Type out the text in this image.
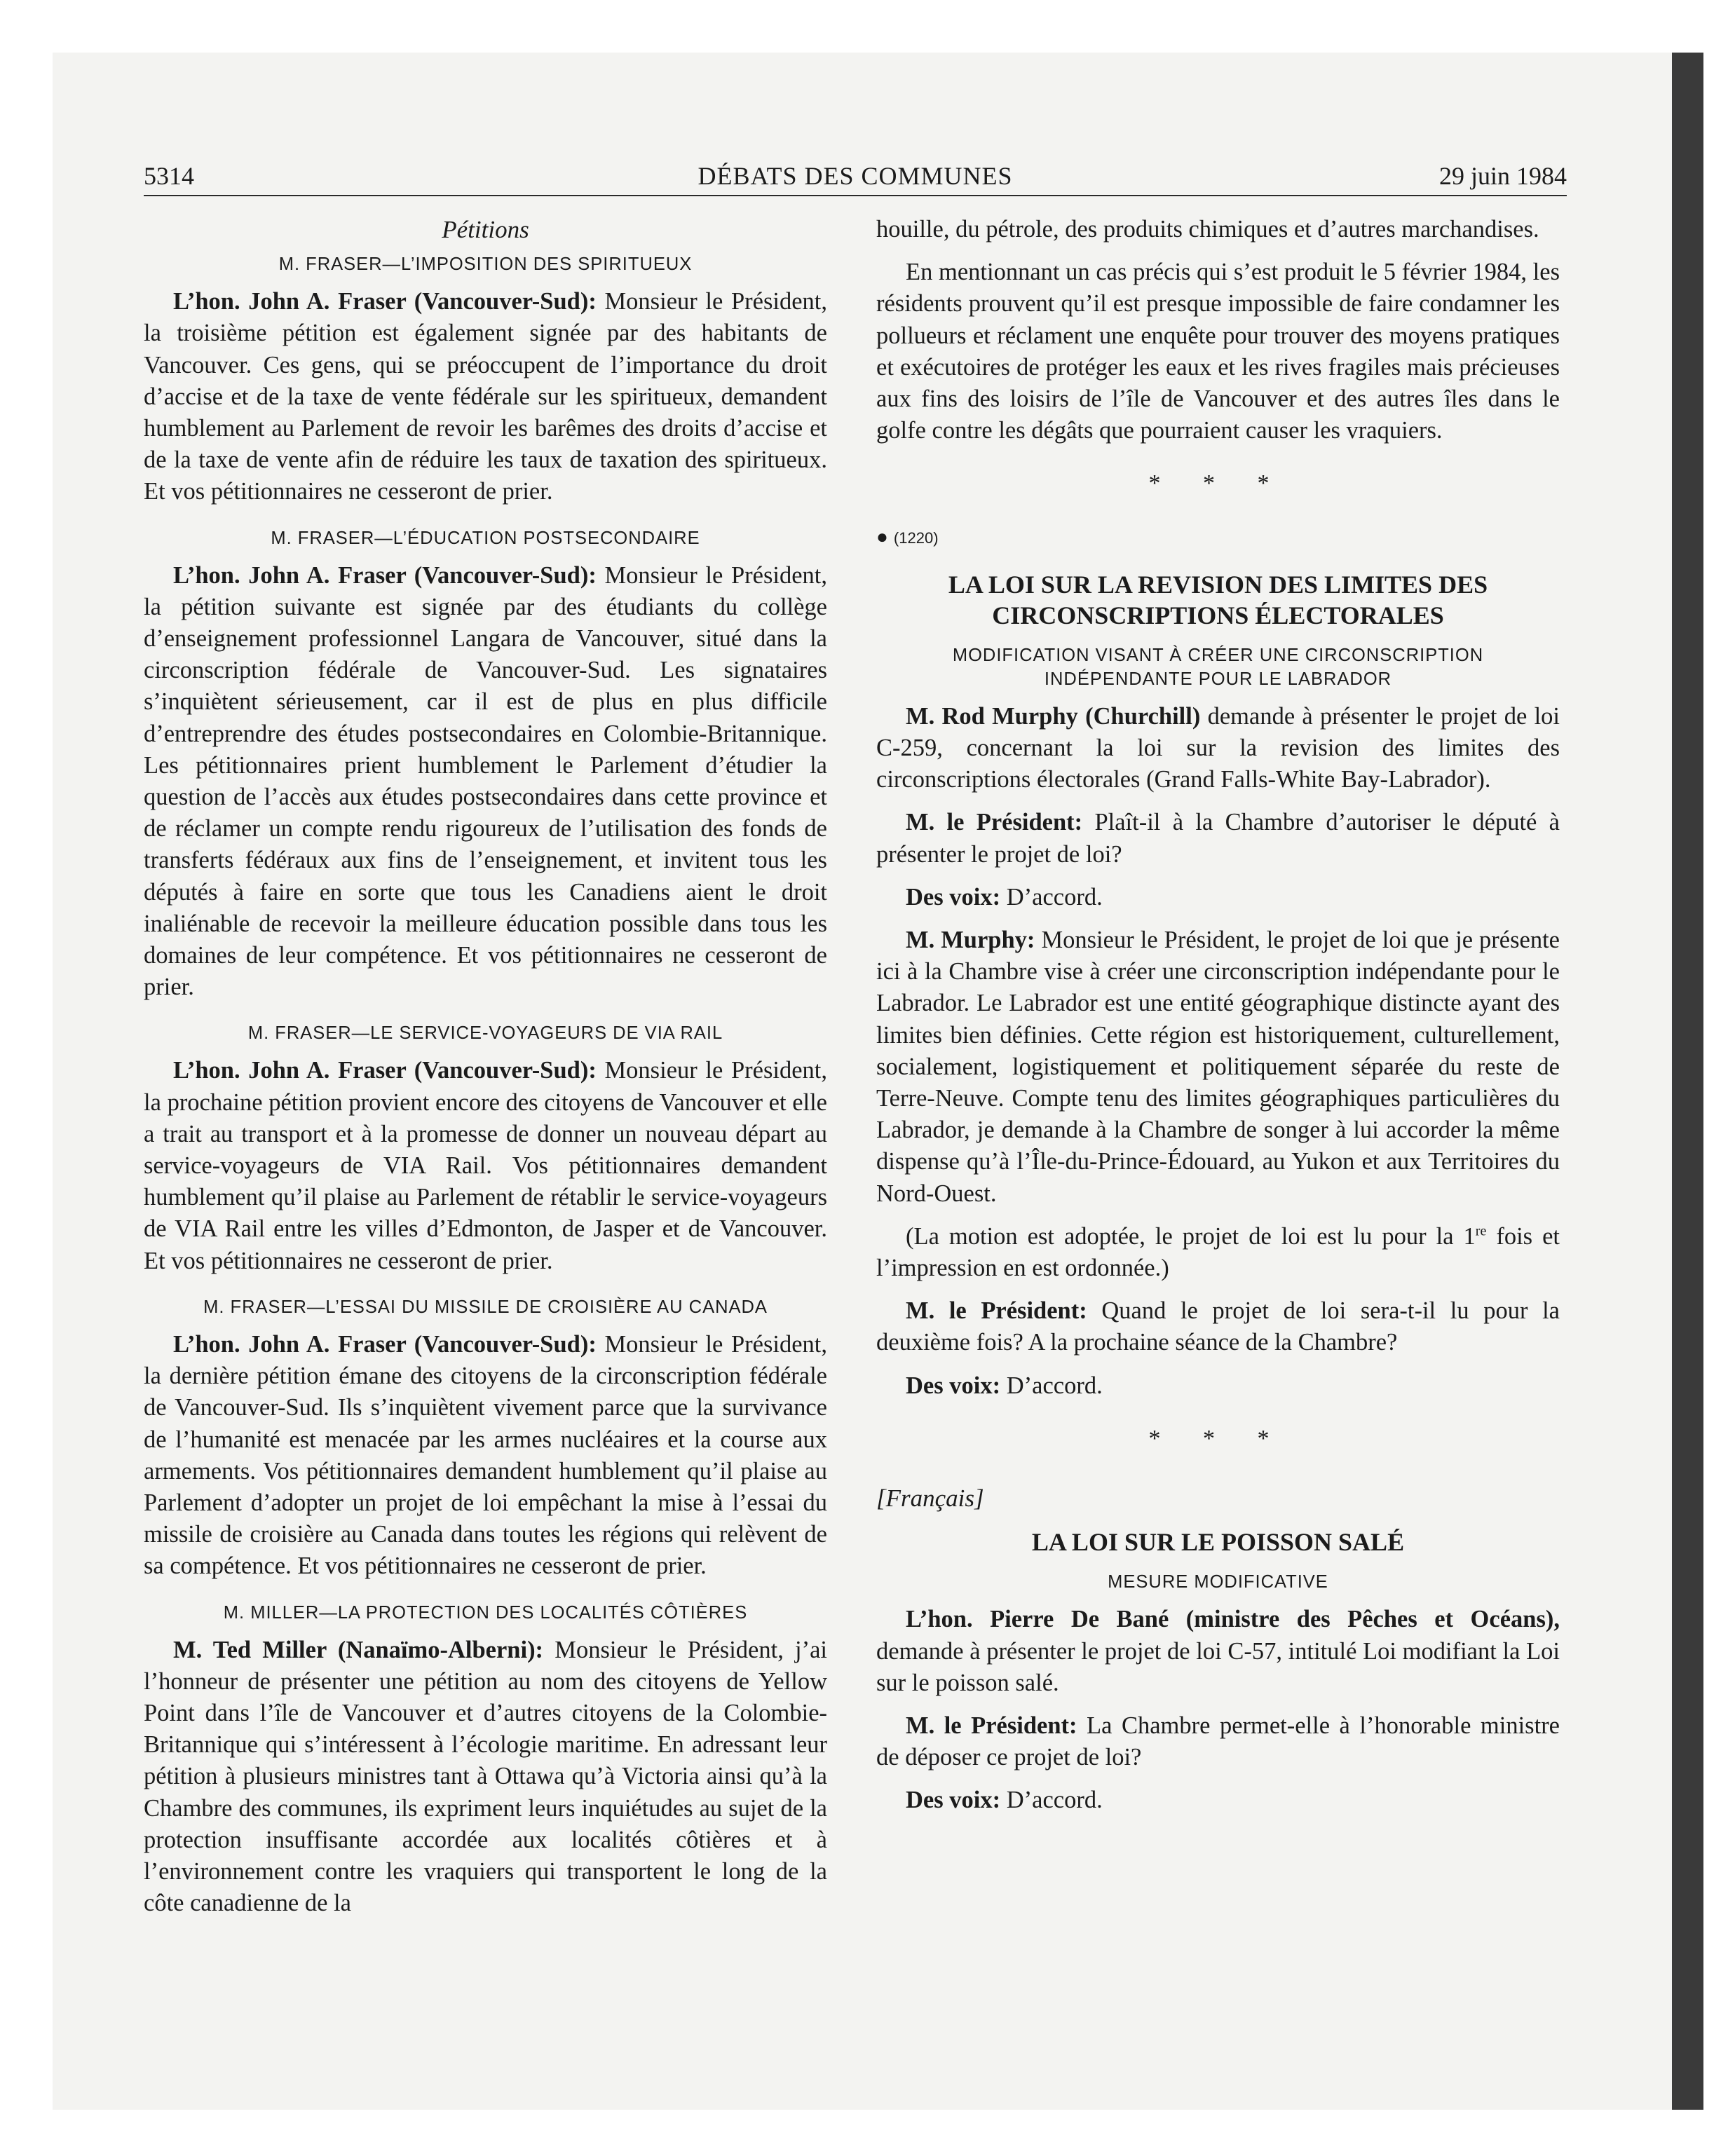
5314	DÉBATS DES COMMUNES	29 juin 1984
Pétitions
M. FRASER—L’IMPOSITION DES SPIRITUEUX

L’hon. John A. Fraser (Vancouver-Sud): Monsieur le Président, la troisième pétition est également signée par des habitants de Vancouver. Ces gens, qui se préoccupent de l’importance du droit d’accise et de la taxe de vente fédérale sur les spiritueux, demandent humblement au Parlement de revoir les barêmes des droits d’accise et de la taxe de vente afin de réduire les taux de taxation des spiritueux. Et vos pétitionnaires ne cesseront de prier.

M. FRASER—L’ÉDUCATION POSTSECONDAIRE

L’hon. John A. Fraser (Vancouver-Sud): Monsieur le Président, la pétition suivante est signée par des étudiants du collège d’enseignement professionnel Langara de Vancouver, situé dans la circonscription fédérale de Vancouver-Sud. Les signataires s’inquiètent sérieusement, car il est de plus en plus difficile d’entreprendre des études postsecondaires en Colombie-Britannique. Les pétitionnaires prient humblement le Parlement d’étudier la question de l’accès aux études postsecondaires dans cette province et de réclamer un compte rendu rigoureux de l’utilisation des fonds de transferts fédéraux aux fins de l’enseignement, et invitent tous les députés à faire en sorte que tous les Canadiens aient le droit inaliénable de recevoir la meilleure éducation possible dans tous les domaines de leur compétence. Et vos pétitionnaires ne cesseront de prier.

M. FRASER—LE SERVICE-VOYAGEURS DE VIA RAIL

L’hon. John A. Fraser (Vancouver-Sud): Monsieur le Président, la prochaine pétition provient encore des citoyens de Vancouver et elle a trait au transport et à la promesse de donner un nouveau départ au service-voyageurs de VIA Rail. Vos pétitionnaires demandent humblement qu’il plaise au Parlement de rétablir le service-voyageurs de VIA Rail entre les villes d’Edmonton, de Jasper et de Vancouver. Et vos pétitionnaires ne cesseront de prier.

M. FRASER—L’ESSAI DU MISSILE DE CROISIÈRE AU CANADA

L’hon. John A. Fraser (Vancouver-Sud): Monsieur le Président, la dernière pétition émane des citoyens de la circonscription fédérale de Vancouver-Sud. Ils s’inquiètent vivement parce que la survivance de l’humanité est menacée par les armes nucléaires et la course aux armements. Vos pétitionnaires demandent humblement qu’il plaise au Parlement d’adopter un projet de loi empêchant la mise à l’essai du missile de croisière au Canada dans toutes les régions qui relèvent de sa compétence. Et vos pétitionnaires ne cesseront de prier.

M. MILLER—LA PROTECTION DES LOCALITÉS CÔTIÈRES

M. Ted Miller (Nanaïmo-Alberni): Monsieur le Président, j’ai l’honneur de présenter une pétition au nom des citoyens de Yellow Point dans l’île de Vancouver et d’autres citoyens de la Colombie-Britannique qui s’intéressent à l’écologie maritime. En adressant leur pétition à plusieurs ministres tant à Ottawa qu’à Victoria ainsi qu’à la Chambre des communes, ils expriment leurs inquiétudes au sujet de la protection insuffisante accordée aux localités côtières et à l’environnement contre les vraquiers qui transportent le long de la côte canadienne de la

houille, du pétrole, des produits chimiques et d’autres marchandises.

En mentionnant un cas précis qui s’est produit le 5 février 1984, les résidents prouvent qu’il est presque impossible de faire condamner les pollueurs et réclament une enquête pour trouver des moyens pratiques et exécutoires de protéger les eaux et les rives fragiles mais précieuses aux fins des loisirs de l’île de Vancouver et des autres îles dans le golfe contre les dégâts que pourraient causer les vraquiers.

* * *
● (1220)
LA LOI SUR LA REVISION DES LIMITES DES CIRCONSCRIPTIONS ÉLECTORALES
MODIFICATION VISANT À CRÉER UNE CIRCONSCRIPTION INDÉPENDANTE POUR LE LABRADOR

M. Rod Murphy (Churchill) demande à présenter le projet de loi C-259, concernant la loi sur la revision des limites des circonscriptions électorales (Grand Falls-White Bay-Labrador).

M. le Président: Plaît-il à la Chambre d’autoriser le député à présenter le projet de loi?

Des voix: D’accord.

M. Murphy: Monsieur le Président, le projet de loi que je présente ici à la Chambre vise à créer une circonscription indépendante pour le Labrador. Le Labrador est une entité géographique distincte ayant des limites bien définies. Cette région est historiquement, culturellement, socialement, logistiquement et politiquement séparée du reste de Terre-Neuve. Compte tenu des limites géographiques particulières du Labrador, je demande à la Chambre de songer à lui accorder la même dispense qu’à l’Île-du-Prince-Édouard, au Yukon et aux Territoires du Nord-Ouest.

(La motion est adoptée, le projet de loi est lu pour la 1re fois et l’impression en est ordonnée.)

M. le Président: Quand le projet de loi sera-t-il lu pour la deuxième fois? A la prochaine séance de la Chambre?

Des voix: D’accord.

* * *
[Français]
LA LOI SUR LE POISSON SALÉ
MESURE MODIFICATIVE

L’hon. Pierre De Bané (ministre des Pêches et Océans), demande à présenter le projet de loi C-57, intitulé Loi modifiant la Loi sur le poisson salé.

M. le Président: La Chambre permet-elle à l’honorable ministre de déposer ce projet de loi?

Des voix: D’accord.
